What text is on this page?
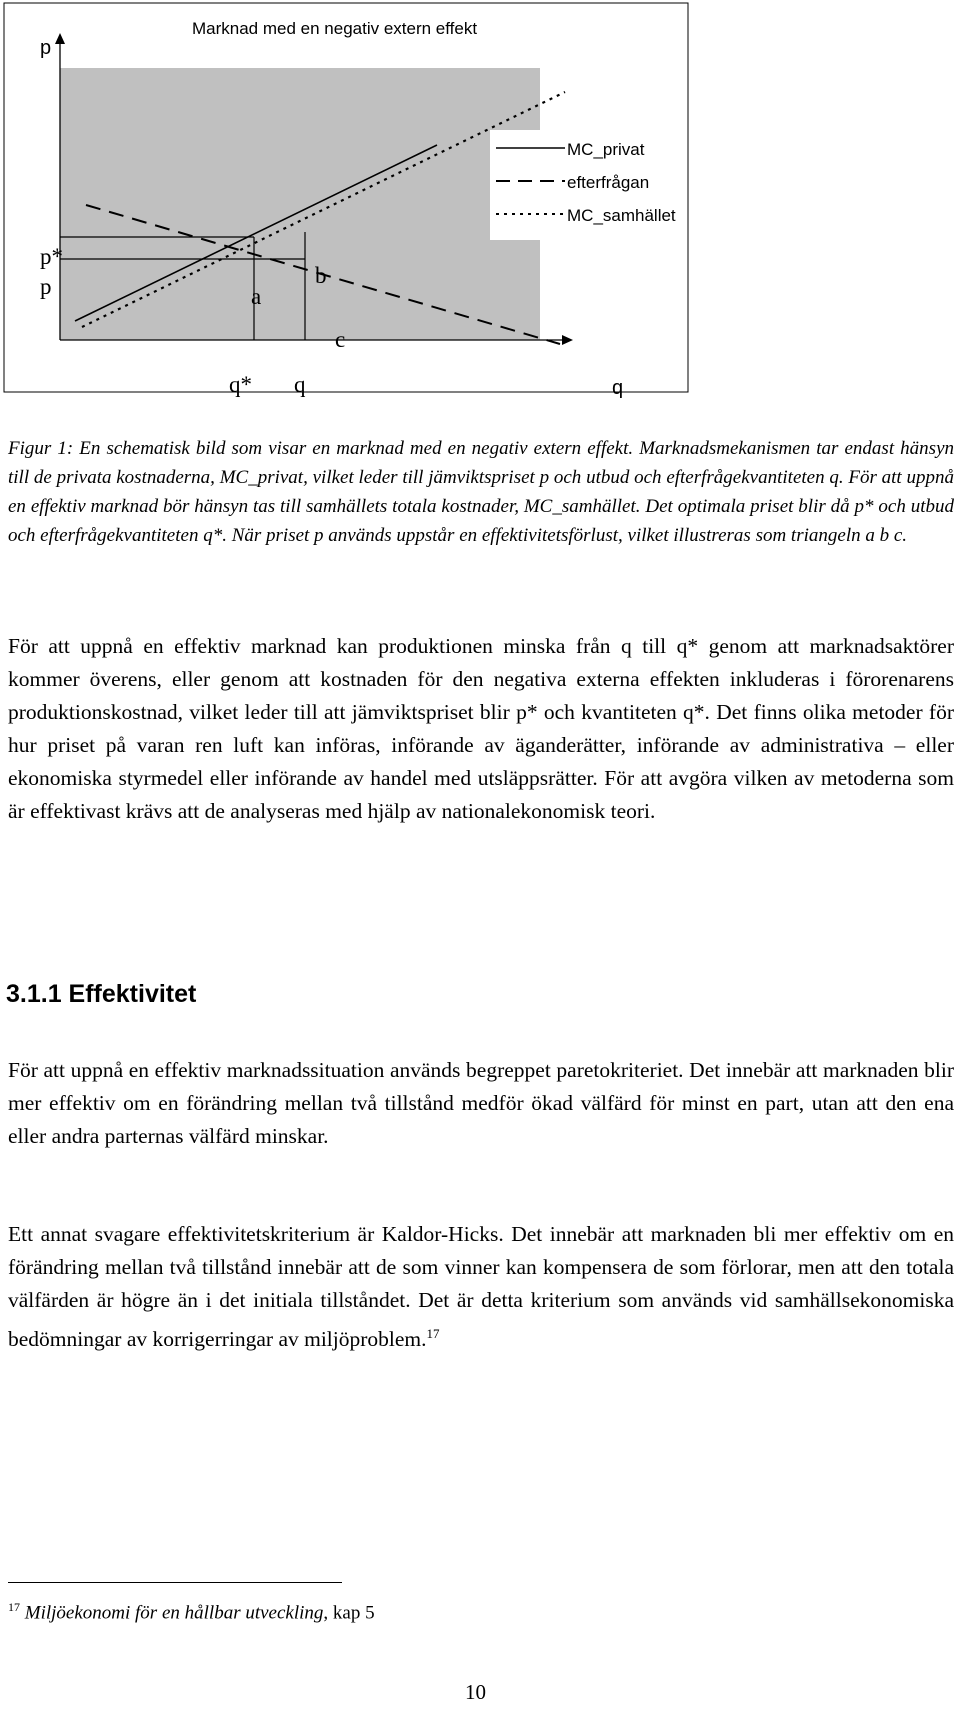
Marknad med en negativ extern effekt
p
q
p*
p
q* q
a
b
c
MC_privat
efterfrågan
MC_samhället
Figur 1: En schematisk bild som visar en marknad med en negativ extern effekt. Marknadsmekanismen tar endast hänsyn till de privata kostnaderna, MC_privat, vilket leder till jämviktspriset p och utbud och efterfrågekvantiteten q. För att uppnå en effektiv marknad bör hänsyn tas till samhällets totala kostnader, MC_samhället. Det optimala priset blir då p* och utbud och efterfrågekvantiteten q*. När priset p används uppstår en effektivitetsförlust, vilket illustreras som triangeln a b c.
För att uppnå en effektiv marknad kan produktionen minska från q till q* genom att marknadsaktörer kommer överens, eller genom att kostnaden för den negativa externa effekten inkluderas i förorenarens produktionskostnad, vilket leder till att jämviktspriset blir p* och kvantiteten q*. Det finns olika metoder för hur priset på varan ren luft kan införas, införande av äganderätter, införande av administrativa – eller ekonomiska styrmedel eller införande av handel med utsläppsrätter. För att avgöra vilken av metoderna som är effektivast krävs att de analyseras med hjälp av nationalekonomisk teori.
3.1.1 Effektivitet
För att uppnå en effektiv marknadssituation används begreppet paretokriteriet. Det innebär att marknaden blir mer effektiv om en förändring mellan två tillstånd medför ökad välfärd för minst en part, utan att den ena eller andra parternas välfärd minskar.
Ett annat svagare effektivitetskriterium är Kaldor-Hicks. Det innebär att marknaden bli mer effektiv om en förändring mellan två tillstånd innebär att de som vinner kan kompensera de som förlorar, men att den totala välfärden är högre än i det initiala tillståndet. Det är detta kriterium som används vid samhällsekonomiska bedömningar av korrigerringar av miljöproblem.$^{17}$
$^{17}$ Miljöekonomi för en hållbar utveckling, kap 5
10
